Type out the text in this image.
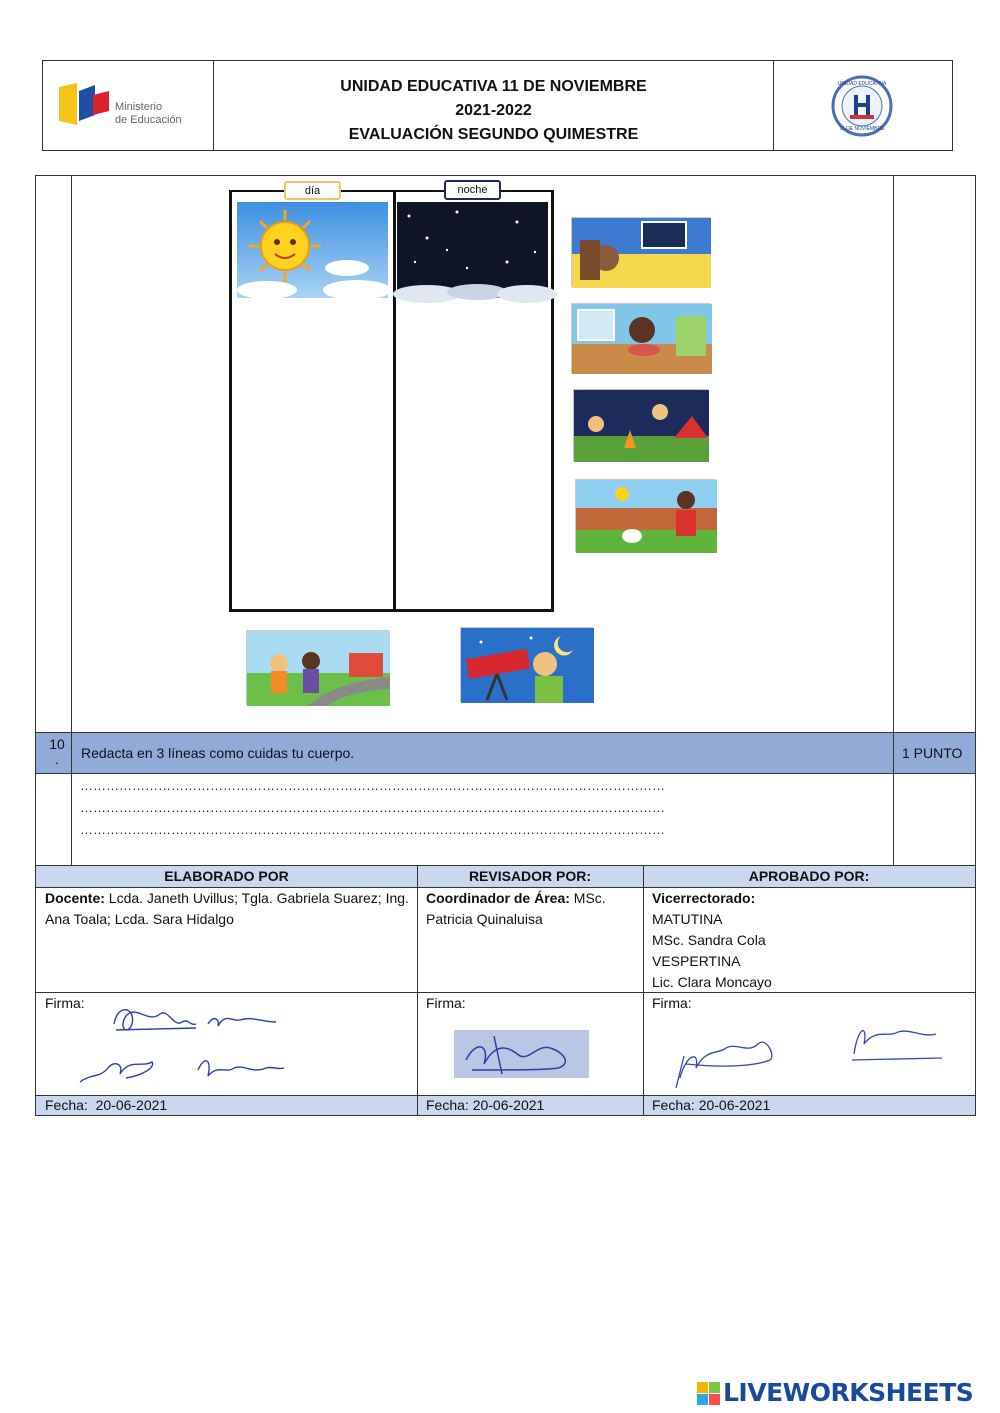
Ministerio
de Educación
UNIDAD EDUCATIVA 11 DE NOVIEMBRE
2021-2022
EVALUACIÓN SEGUNDO QUIMESTRE
UNIDAD EDUCATIVA
11 DE NOVIEMBRE
día	noche
10
.	Redacta en 3 líneas como cuidas tu cuerpo.	1 PUNTO
………………………………………………………………………………………………………………………
………………………………………………………………………………………………………………………
………………………………………………………………………………………………………………………
ELABORADO POR	REVISADOR POR:	APROBADO POR:
Docente: Lcda. Janeth Uvillus; Tgla. Gabriela Suarez; Ing. Ana Toala; Lcda. Sara Hidalgo
Coordinador de Área: MSc. Patricia Quinaluisa
Vicerrectorado:
MATUTINA
MSc. Sandra Cola
VESPERTINA
Lic. Clara Moncayo
Firma:	Firma:	Firma:
Fecha:  20-06-2021	Fecha: 20-06-2021	Fecha: 20-06-2021
LIVEWORKSHEETS
